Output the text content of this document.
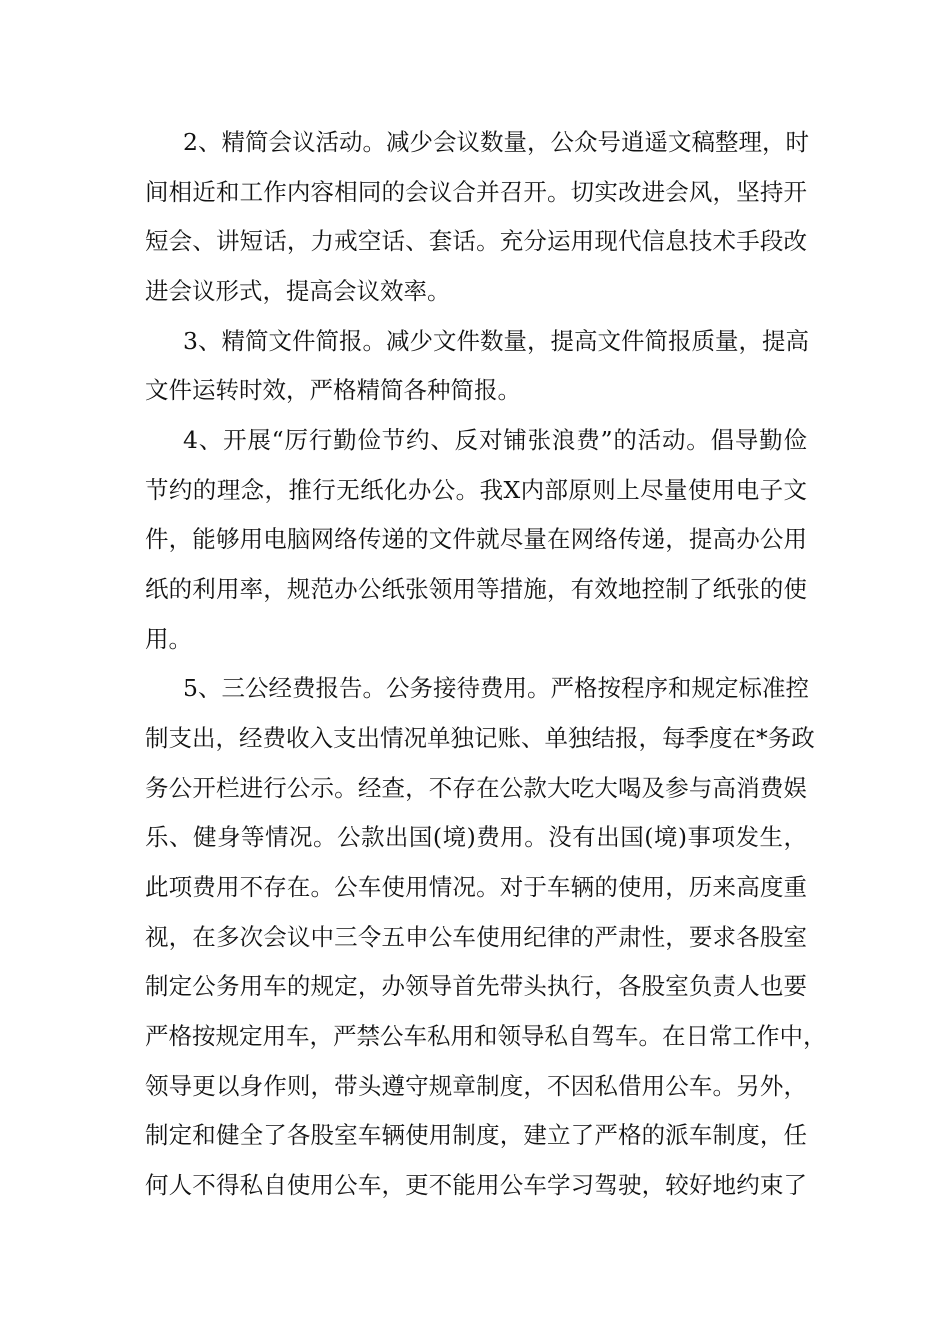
2、精简会议活动。减少会议数量，公众号逍遥文稿整理，时
间相近和工作内容相同的会议合并召开。切实改进会风，坚持开
短会、讲短话，力戒空话、套话。充分运用现代信息技术手段改
进会议形式，提高会议效率。
3、精简文件简报。减少文件数量，提高文件简报质量，提高
文件运转时效，严格精简各种简报。
4、开展“厉行勤俭节约、反对铺张浪费”的活动。倡导勤俭
节约的理念，推行无纸化办公。我X内部原则上尽量使用电子文
件，能够用电脑网络传递的文件就尽量在网络传递，提高办公用
纸的利用率，规范办公纸张领用等措施，有效地控制了纸张的使
用。
5、三公经费报告。公务接待费用。严格按程序和规定标准控
制支出，经费收入支出情况单独记账、单独结报，每季度在*务政
务公开栏进行公示。经查，不存在公款大吃大喝及参与高消费娱
乐、健身等情况。公款出国(境)费用。没有出国(境)事项发生，
此项费用不存在。公车使用情况。对于车辆的使用，历来高度重
视，在多次会议中三令五申公车使用纪律的严肃性，要求各股室
制定公务用车的规定，办领导首先带头执行，各股室负责人也要
严格按规定用车，严禁公车私用和领导私自驾车。在日常工作中，
领导更以身作则，带头遵守规章制度，不因私借用公车。另外，
制定和健全了各股室车辆使用制度，建立了严格的派车制度，任
何人不得私自使用公车，更不能用公车学习驾驶，较好地约束了
